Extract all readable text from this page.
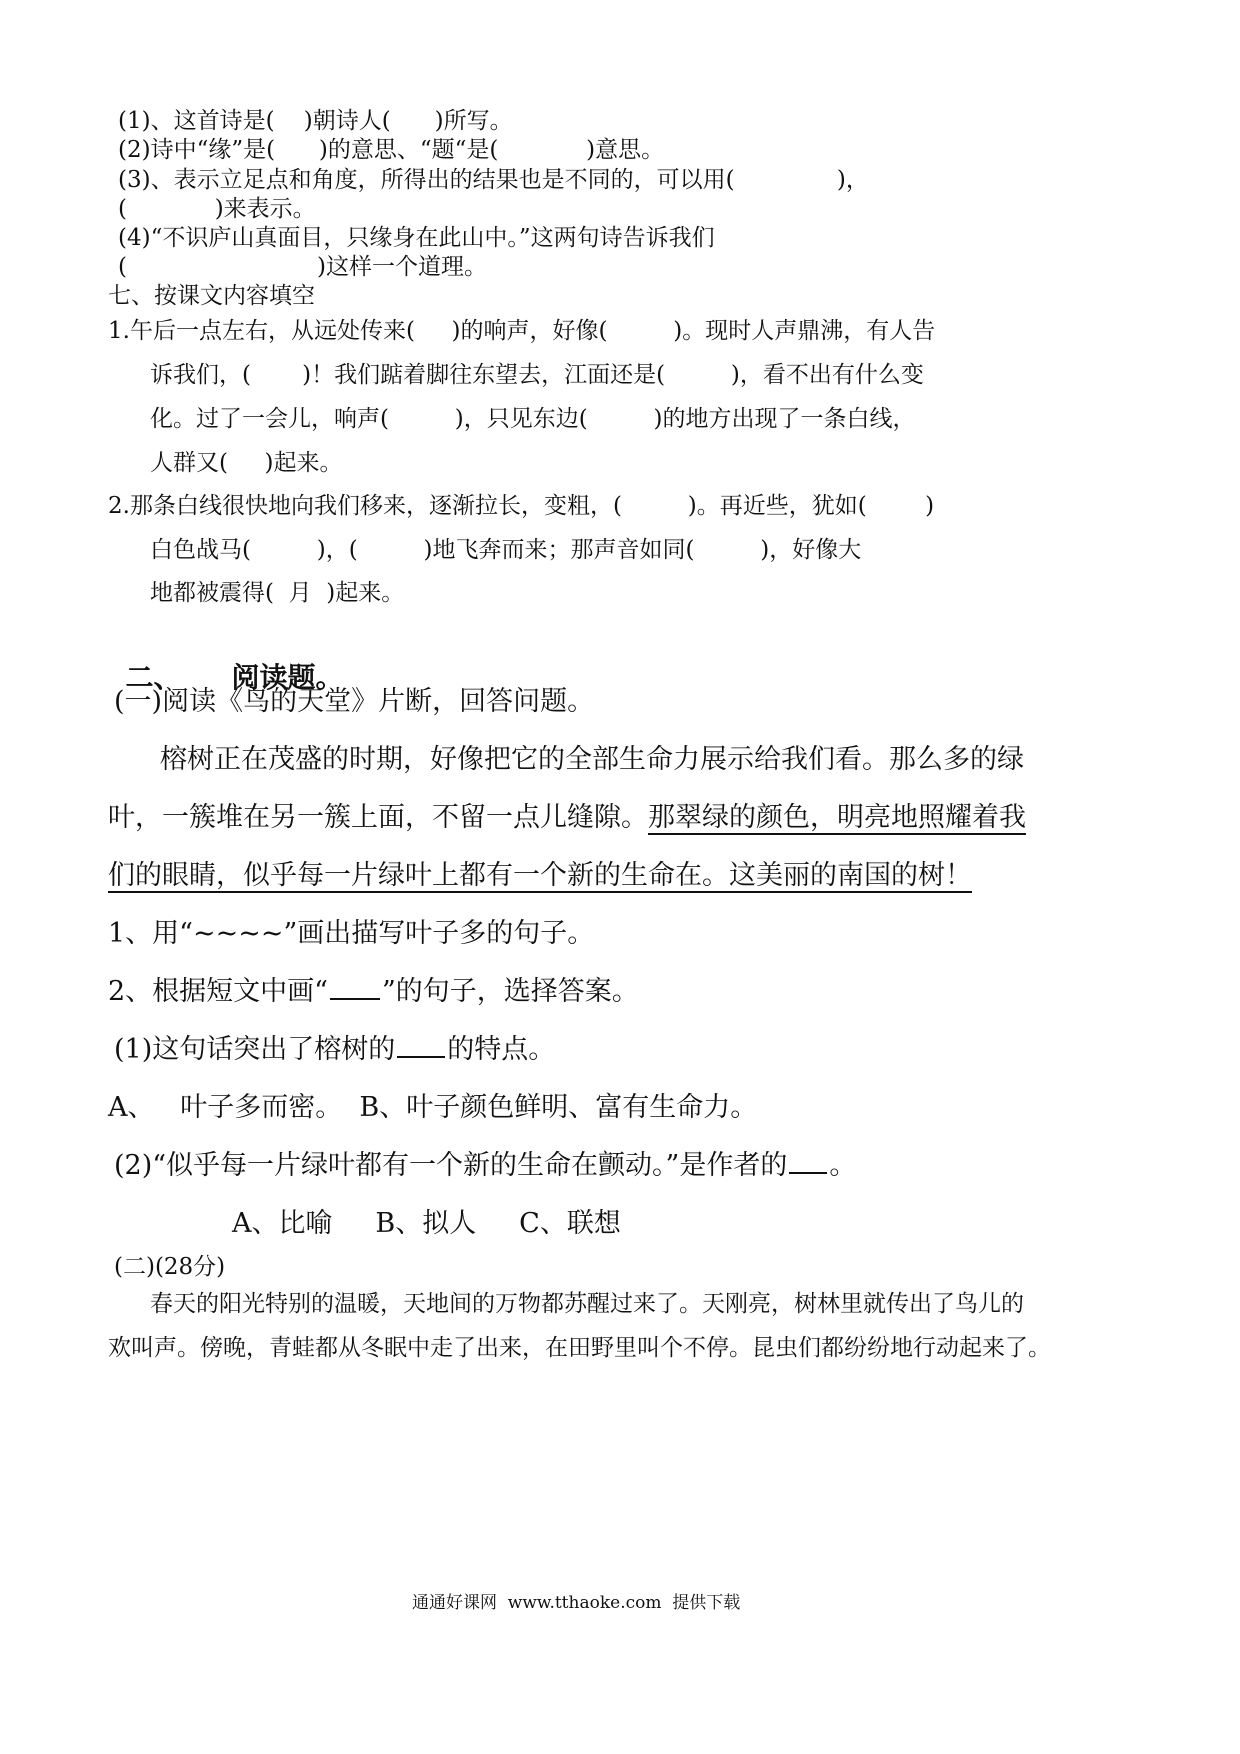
(1)、这首诗是(    )朝诗人(      )所写。
(2)诗中“缘”是(      )的意思、“题“是(            )意思。
(3)、表示立足点和角度，所得出的结果也是不同的，可以用(              )，
(            )来表示。
(4)“不识庐山真面目，只缘身在此山中。”这两句诗告诉我们
(                          )这样一个道理。
七、按课文内容填空
1.午后一点左右，从远处传来(     )的响声，好像(         )。现时人声鼎沸，有人告
诉我们，(       )！我们踮着脚往东望去，江面还是(         )，看不出有什么变
化。过了一会儿，响声(         )，只见东边(         )的地方出现了一条白线，
人群又(     )起来。
2.那条白线很快地向我们移来，逐渐拉长，变粗，(         )。再近些，犹如(        )
白色战马(         )，(         )地飞奔而来；那声音如同(         )，好像大
地都被震得(  月  )起来。

二、 阅读题。

(一)阅读《鸟的天堂》片断，回答问题。
榕树正在茂盛的时期，好像把它的全部生命力展示给我们看。那么多的绿
叶，一簇堆在另一簇上面，不留一点儿缝隙。那翠绿的颜色，明亮地照耀着我
们的眼睛，似乎每一片绿叶上都有一个新的生命在。这美丽的南国的树！
1、用“~~~~”画出描写叶子多的句子。
2、根据短文中画“ ”的句子，选择答案。
(1)这句话突出了榕树的 的特点。
A、   叶子多而密。  B、叶子颜色鲜明、富有生命力。
(2)“似乎每一片绿叶都有一个新的生命在颤动。”是作者的 。
A、比喻     B、拟人     C、联想
(二)(28分)
春天的阳光特别的温暖，天地间的万物都苏醒过来了。天刚亮，树林里就传出了鸟儿的
欢叫声。傍晚，青蛙都从冬眠中走了出来，在田野里叫个不停。昆虫们都纷纷地行动起来了。
通通好课网  www.tthaoke.com  提供下载
